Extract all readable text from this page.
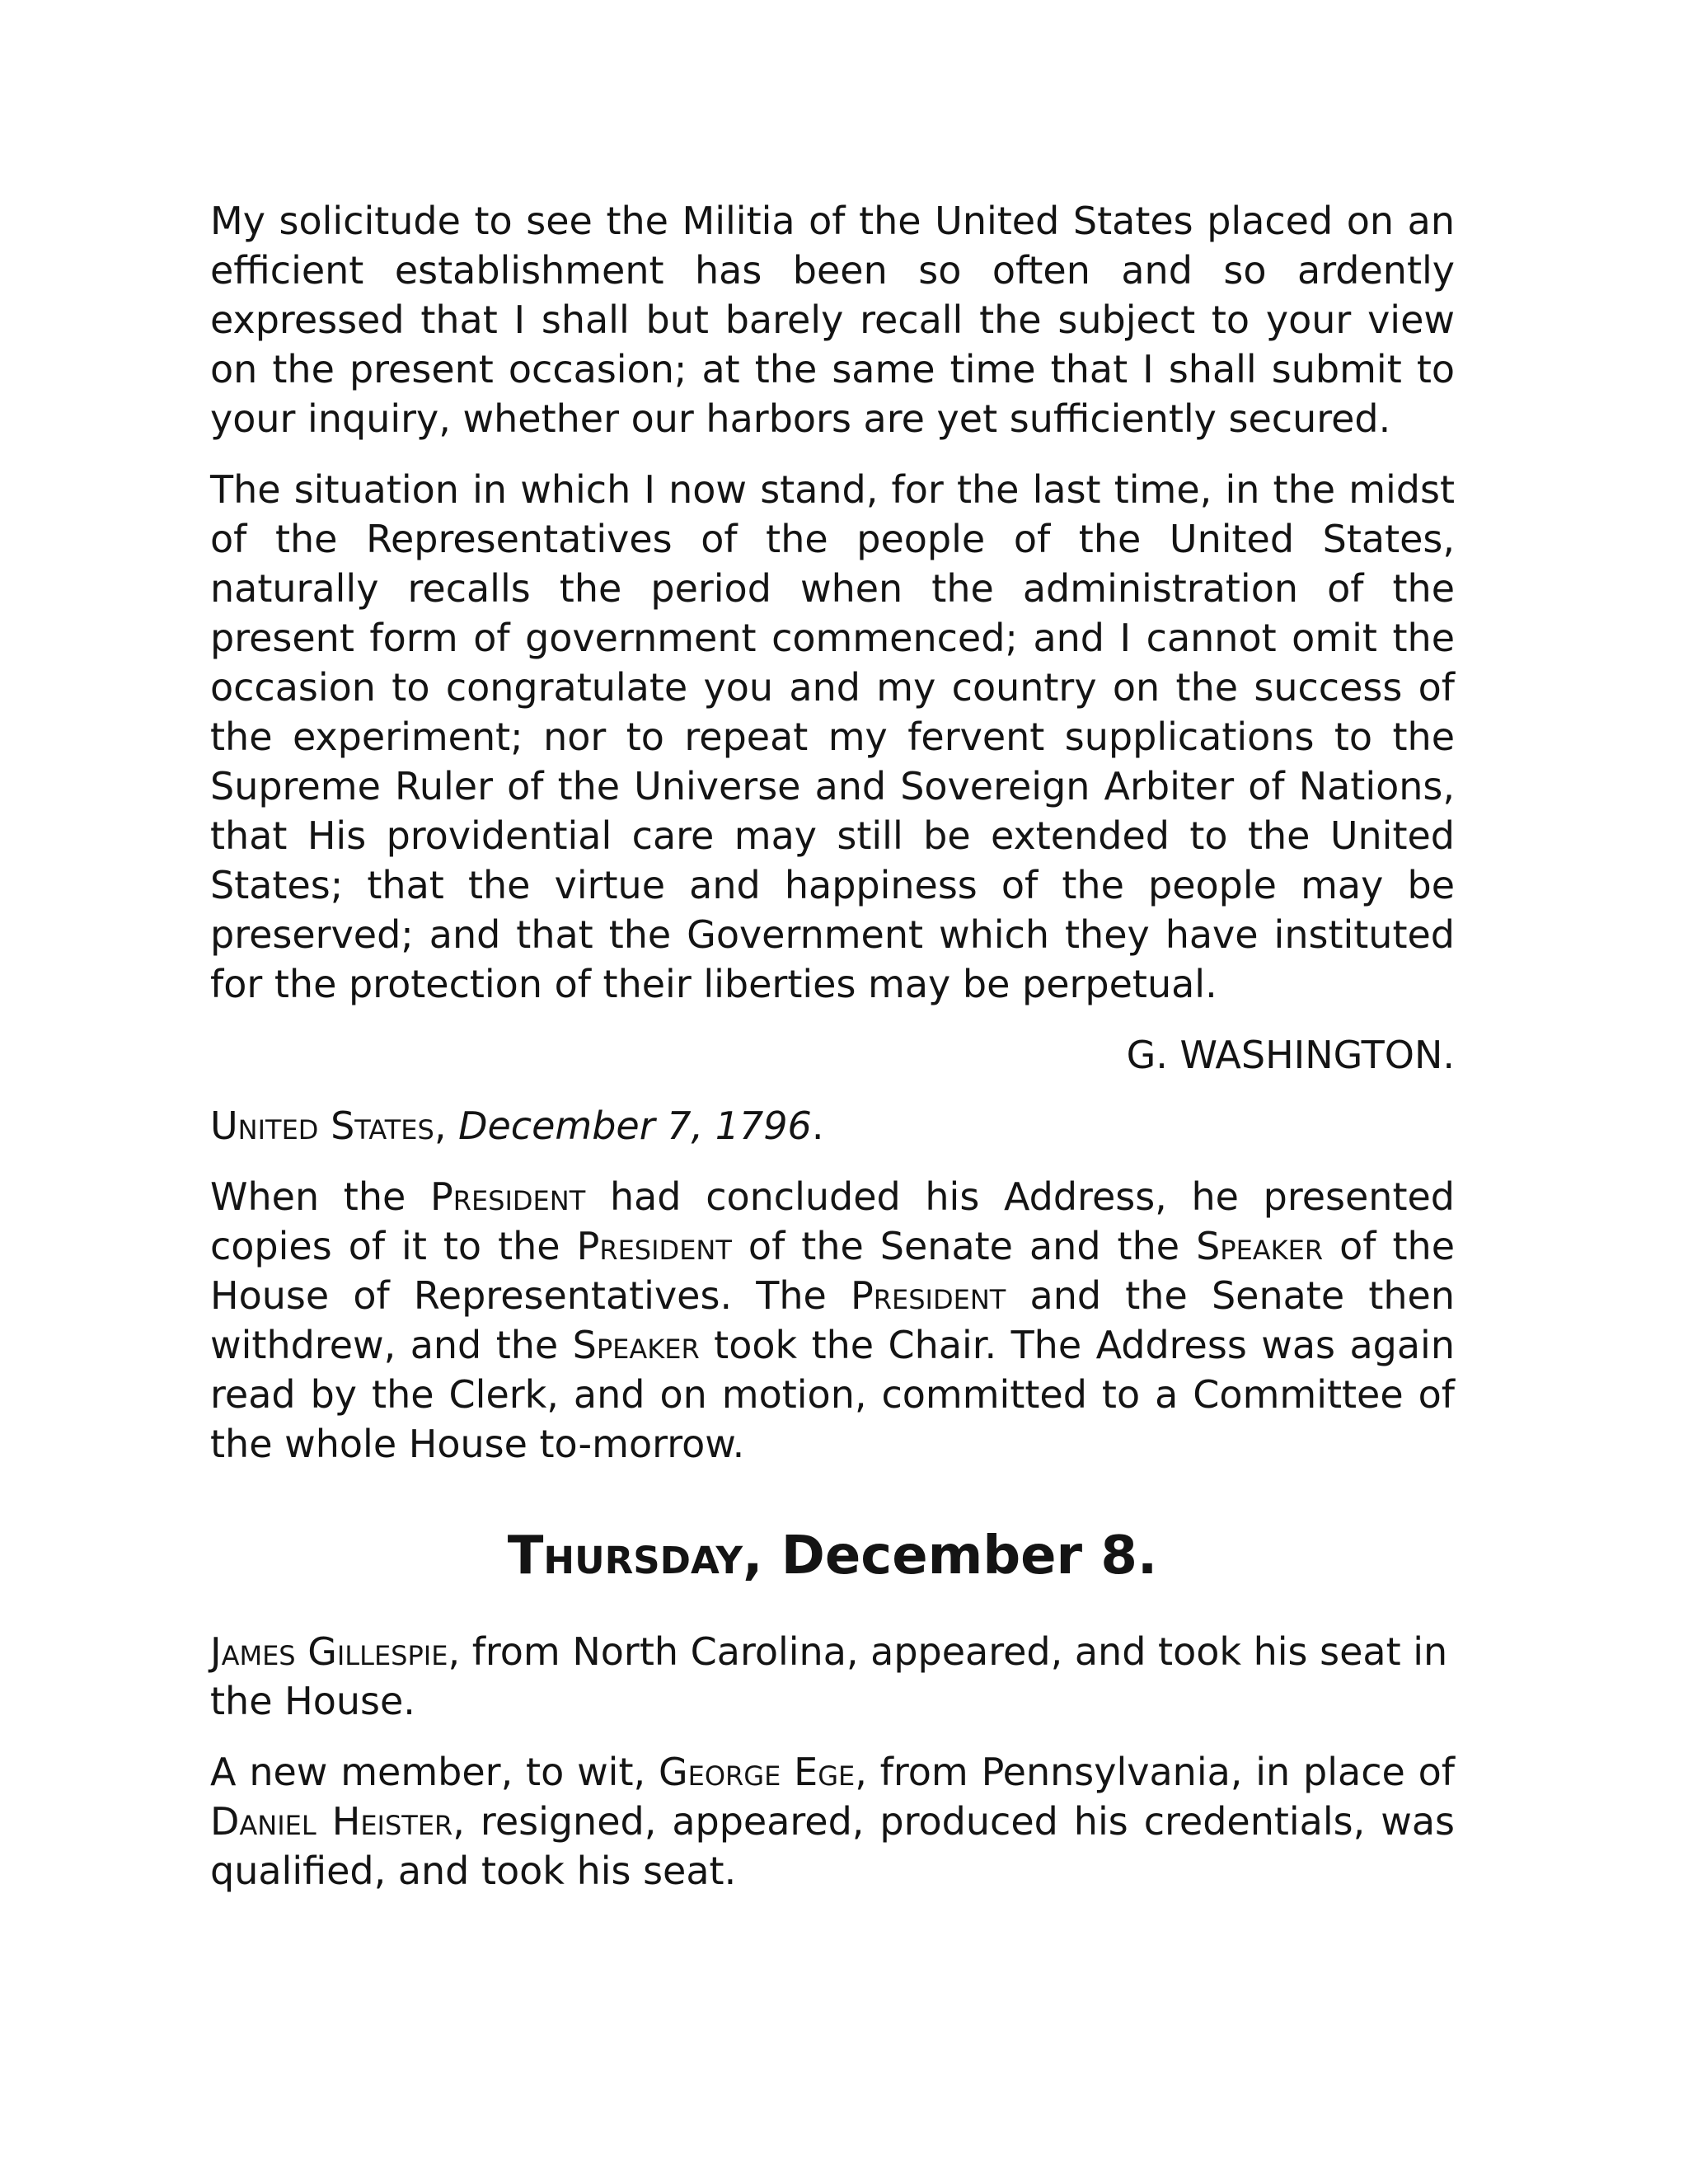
My solicitude to see the Militia of the United States placed on an efficient establishment has been so often and so ardently expressed that I shall but barely recall the subject to your view on the present occasion; at the same time that I shall submit to your inquiry, whether our harbors are yet sufficiently secured.

The situation in which I now stand, for the last time, in the midst of the Representatives of the people of the United States, naturally recalls the period when the administration of the present form of government commenced; and I cannot omit the occasion to congratulate you and my country on the success of the experiment; nor to repeat my fervent supplications to the Supreme Ruler of the Universe and Sovereign Arbiter of Nations, that His providential care may still be extended to the United States; that the virtue and happiness of the people may be preserved; and that the Government which they have instituted for the protection of their liberties may be perpetual.

G. WASHINGTON.

United States, December 7, 1796.

When the President had concluded his Address, he presented copies of it to the President of the Senate and the Speaker of the House of Representatives. The President and the Senate then withdrew, and the Speaker took the Chair. The Address was again read by the Clerk, and on motion, committed to a Committee of the whole House to-morrow.

Thursday, December 8.

James Gillespie, from North Carolina, appeared, and took his seat in the House.

A new member, to wit, George Ege, from Pennsylvania, in place of Daniel Heister, resigned, appeared, produced his credentials, was qualified, and took his seat.
